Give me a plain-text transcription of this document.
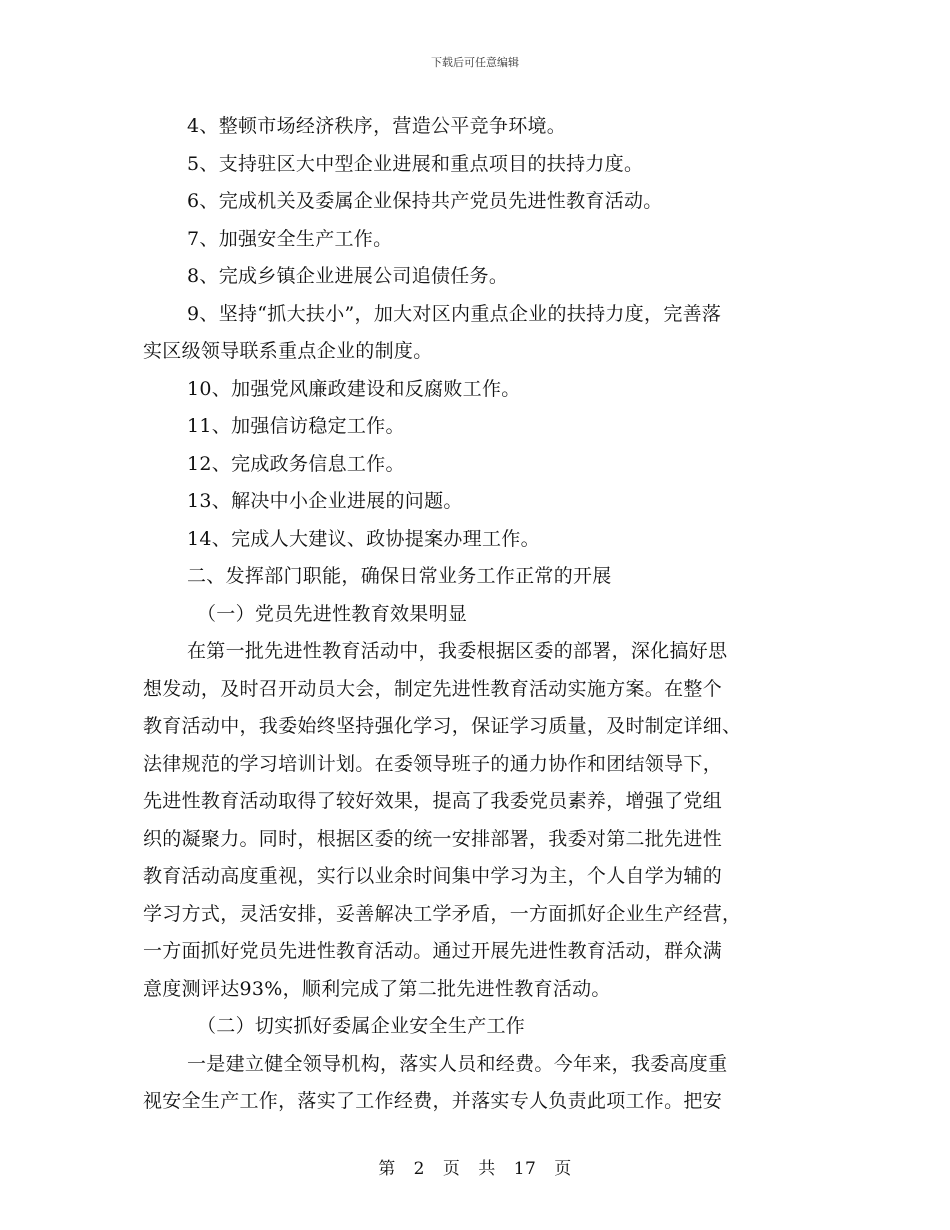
下载后可任意编辑
4、整顿市场经济秩序，营造公平竞争环境。
5、支持驻区大中型企业进展和重点项目的扶持力度。
6、完成机关及委属企业保持共产党员先进性教育活动。
7、加强安全生产工作。
8、完成乡镇企业进展公司追债任务。
9、坚持“抓大扶小”，加大对区内重点企业的扶持力度，完善落
实区级领导联系重点企业的制度。
10、加强党风廉政建设和反腐败工作。
11、加强信访稳定工作。
12、完成政务信息工作。
13、解决中小企业进展的问题。
14、完成人大建议、政协提案办理工作。
二、发挥部门职能，确保日常业务工作正常的开展
（一）党员先进性教育效果明显
在第一批先进性教育活动中，我委根据区委的部署，深化搞好思
想发动，及时召开动员大会，制定先进性教育活动实施方案。在整个
教育活动中，我委始终坚持强化学习，保证学习质量，及时制定详细、
法律规范的学习培训计划。在委领导班子的通力协作和团结领导下，
先进性教育活动取得了较好效果，提高了我委党员素养，增强了党组
织的凝聚力。同时，根据区委的统一安排部署，我委对第二批先进性
教育活动高度重视，实行以业余时间集中学习为主，个人自学为辅的
学习方式，灵活安排，妥善解决工学矛盾，一方面抓好企业生产经营，
一方面抓好党员先进性教育活动。通过开展先进性教育活动，群众满
意度测评达93%，顺利完成了第二批先进性教育活动。
（二）切实抓好委属企业安全生产工作
一是建立健全领导机构，落实人员和经费。今年来，我委高度重
视安全生产工作，落实了工作经费，并落实专人负责此项工作。把安
第 2 页 共 17 页
